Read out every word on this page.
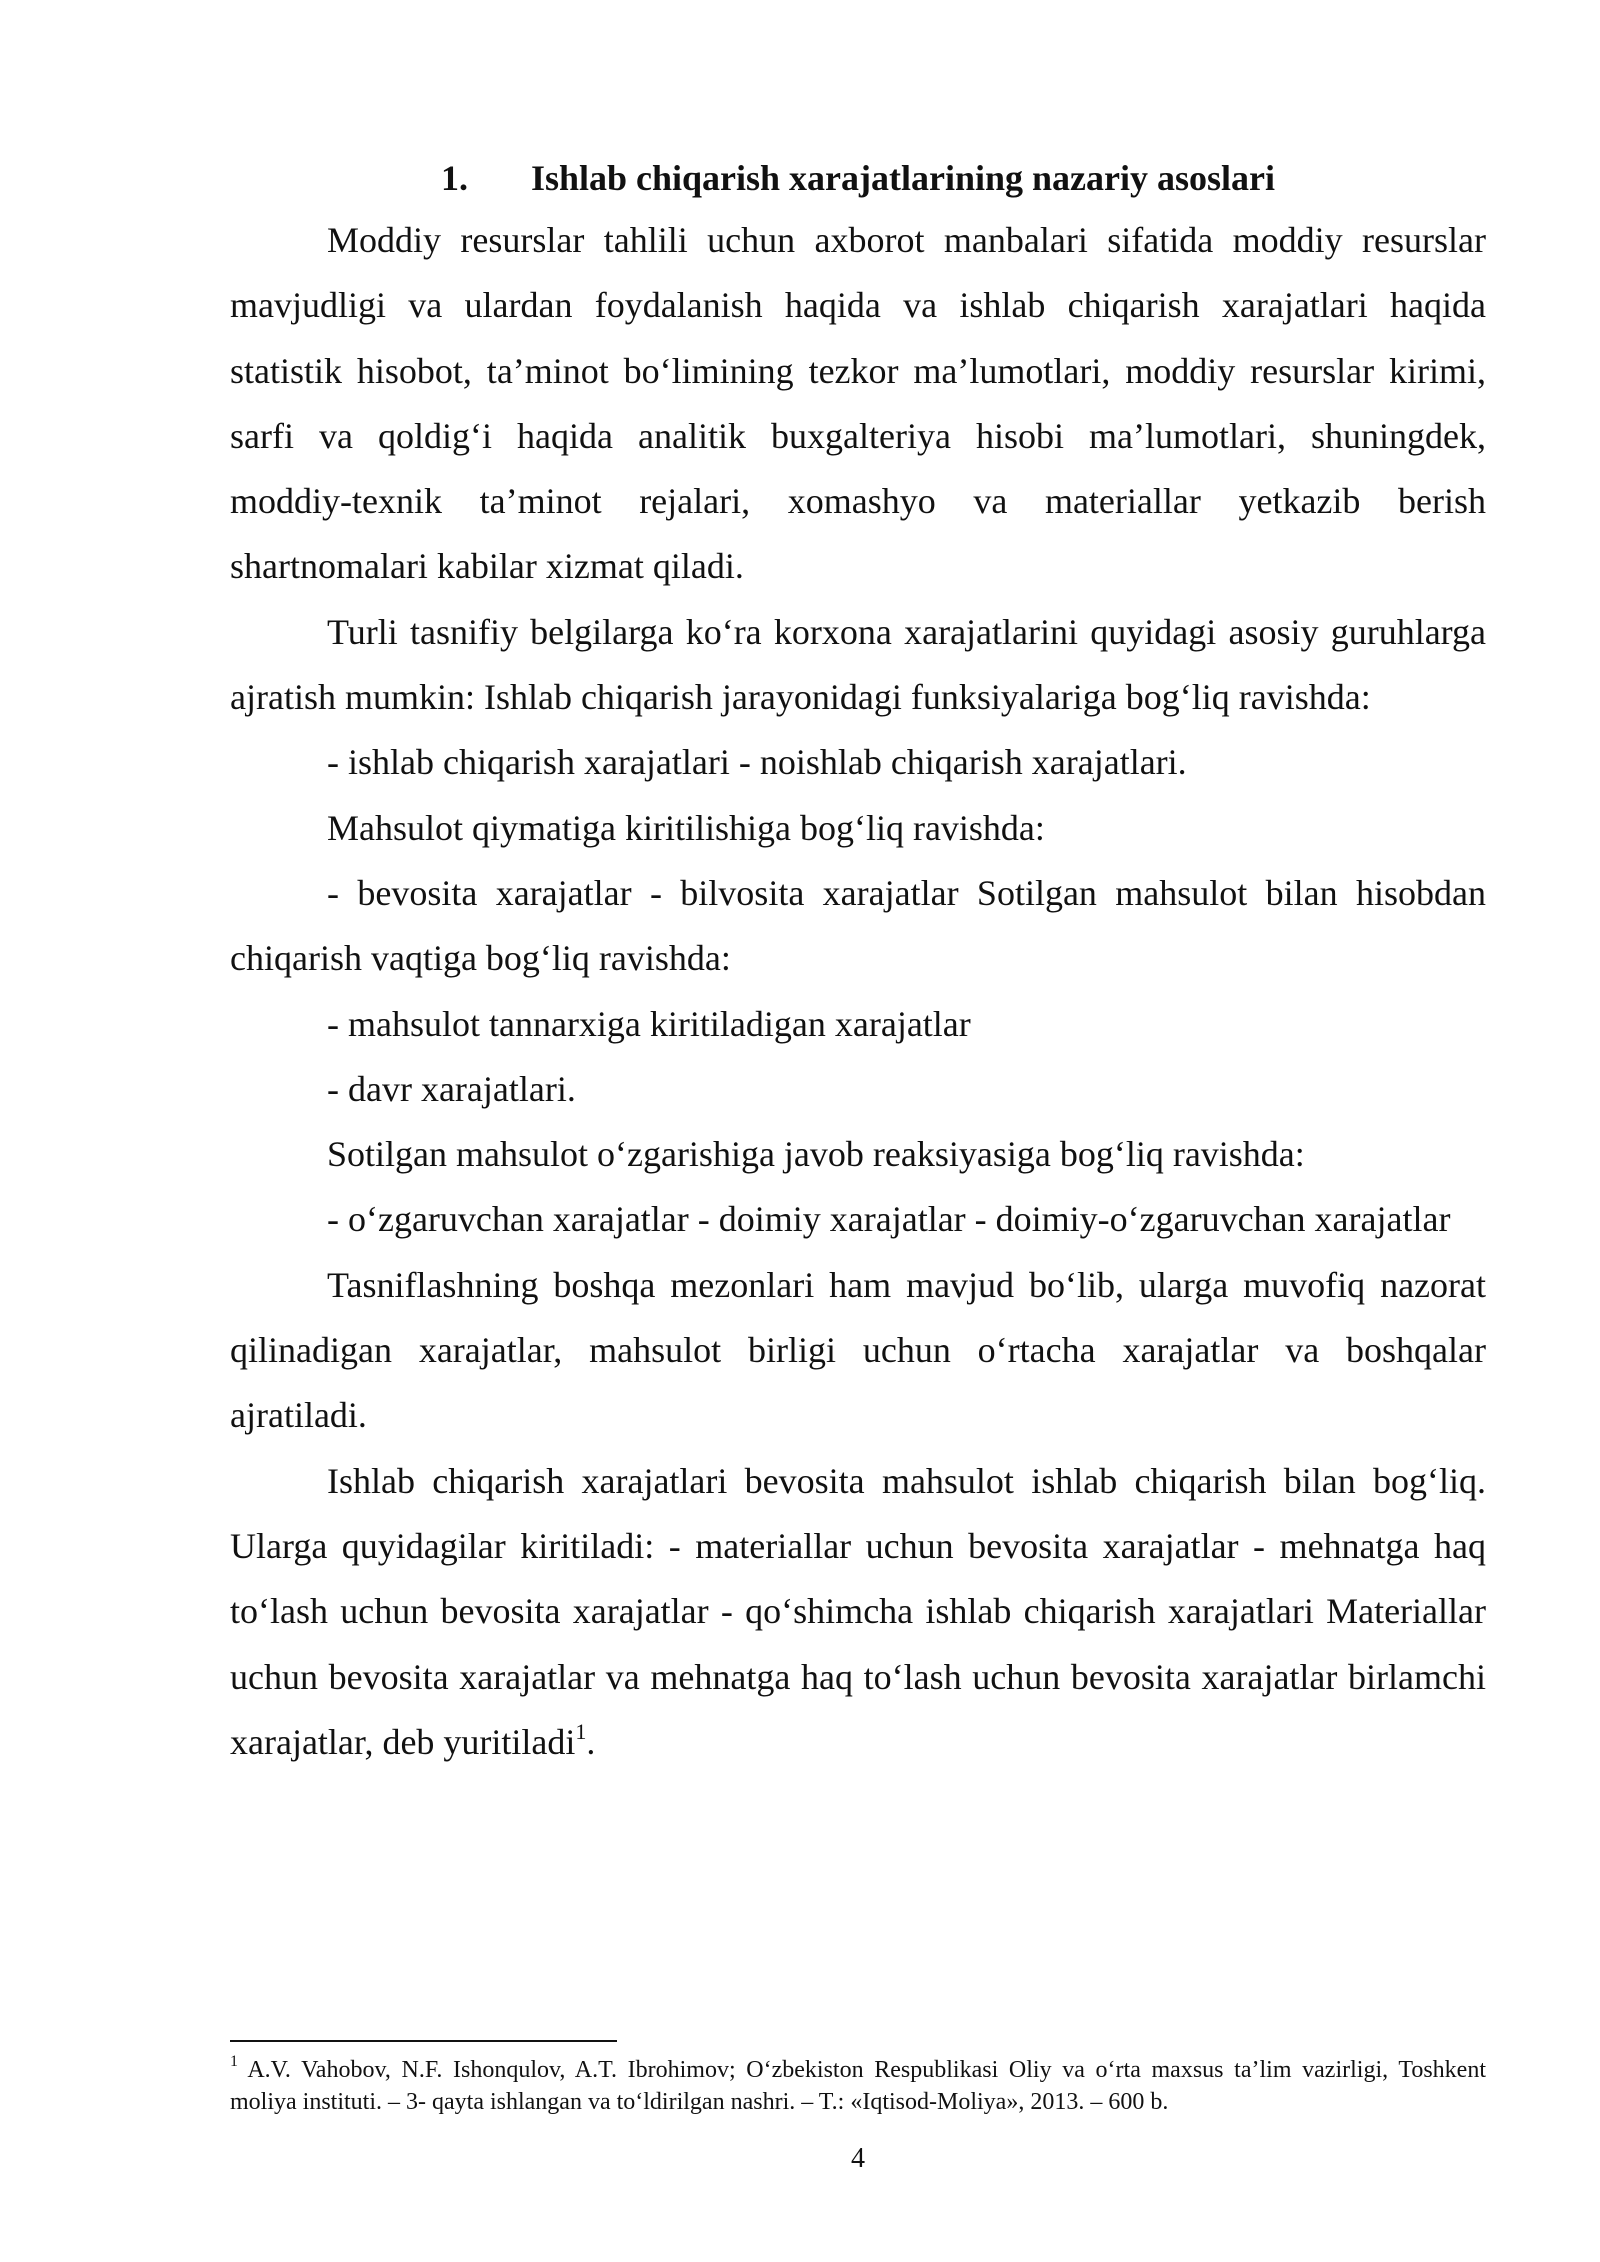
1. Ishlab chiqarish xarajatlarining nazariy asoslari

Moddiy resurslar tahlili uchun axborot manbalari sifatida moddiy resurslar mavjudligi va ulardan foydalanish haqida va ishlab chiqarish xarajatlari haqida statistik hisobot, ta’minot bo‘limining tezkor ma’lumotlari, moddiy resurslar kirimi, sarfi va qoldig‘i haqida analitik buxgalteriya hisobi ma’lumotlari, shuningdek, moddiy-texnik ta’minot rejalari, xomashyo va materiallar yetkazib berish shartnomalari kabilar xizmat qiladi.

Turli tasnifiy belgilarga ko‘ra korxona xarajatlarini quyidagi asosiy guruhlarga ajratish mumkin: Ishlab chiqarish jarayonidagi funksiyalariga bog‘liq ravishda:

- ishlab chiqarish xarajatlari - noishlab chiqarish xarajatlari.

Mahsulot qiymatiga kiritilishiga bog‘liq ravishda:

- bevosita xarajatlar - bilvosita xarajatlar Sotilgan mahsulot bilan hisobdan chiqarish vaqtiga bog‘liq ravishda:

- mahsulot tannarxiga kiritiladigan xarajatlar

- davr xarajatlari.

Sotilgan mahsulot o‘zgarishiga javob reaksiyasiga bog‘liq ravishda:

- o‘zgaruvchan xarajatlar - doimiy xarajatlar - doimiy-o‘zgaruvchan xarajatlar

Tasniflashning boshqa mezonlari ham mavjud bo‘lib, ularga muvofiq nazorat qilinadigan xarajatlar, mahsulot birligi uchun o‘rtacha xarajatlar va boshqalar ajratiladi.

Ishlab chiqarish xarajatlari bevosita mahsulot ishlab chiqarish bilan bog‘liq. Ularga quyidagilar kiritiladi: - materiallar uchun bevosita xarajatlar - mehnatga haq to‘lash uchun bevosita xarajatlar - qo‘shimcha ishlab chiqarish xarajatlari Materiallar uchun bevosita xarajatlar va mehnatga haq to‘lash uchun bevosita xarajatlar birlamchi xarajatlar, deb yuritiladi$^1$.

$^1$ A.V. Vahobov, N.F. Ishonqulov, A.T. Ibrohimov; O‘zbekiston Respublikasi Oliy va o‘rta maxsus ta’lim vazirligi, Toshkent moliya instituti. – 3- qayta ishlangan va to‘ldirilgan nashri. – T.: «Iqtisod-Moliya», 2013. – 600 b.
4
